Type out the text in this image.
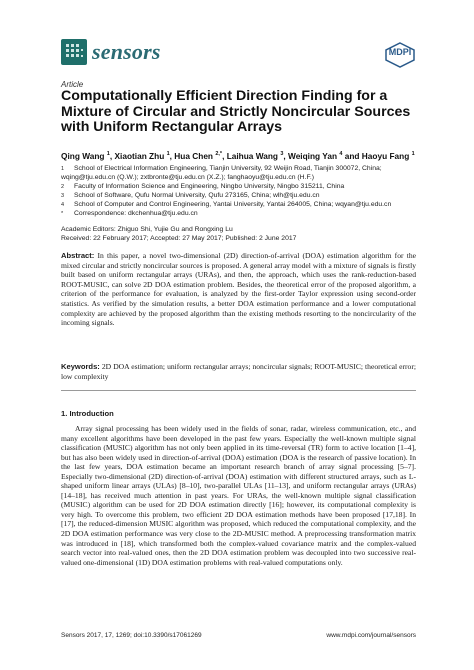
sensors	MDPI
Article
Computationally Efficient Direction Finding for a Mixture of Circular and Strictly Noncircular Sources with Uniform Rectangular Arrays
Qing Wang $^1$, Xiaotian Zhu $^1$, Hua Chen $^{2,*}$, Laihua Wang $^3$, Weiqing Yan $^4$ and Haoyu Fang $^1$
1 School of Electrical Information Engineering, Tianjin University, 92 Weijin Road, Tianjin 300072, China; wqing@tju.edu.cn (Q.W.); zxtbronte@tju.edu.cn (X.Z.); fanghaoyu@tju.edu.cn (H.F.)
2 Faculty of Information Science and Engineering, Ningbo University, Ningbo 315211, China
3 School of Software, Qufu Normal University, Qufu 273165, China; wlh@tju.edu.cn
4 School of Computer and Control Engineering, Yantai University, Yantai 264005, China; wqyan@tju.edu.cn
* Correspondence: dkchenhua@tju.edu.cn
Academic Editors: Zhiguo Shi, Yujie Gu and Rongxing Lu
Received: 22 February 2017; Accepted: 27 May 2017; Published: 2 June 2017
Abstract: In this paper, a novel two-dimensional (2D) direction-of-arrival (DOA) estimation algorithm for the mixed circular and strictly noncircular sources is proposed. A general array model with a mixture of signals is firstly built based on uniform rectangular arrays (URAs), and then, the approach, which uses the rank-reduction-based ROOT-MUSIC, can solve 2D DOA estimation problem. Besides, the theoretical error of the proposed algorithm, a criterion of the performance for evaluation, is analyzed by the first-order Taylor expression using second-order statistics. As verified by the simulation results, a better DOA estimation performance and a lower computational complexity are achieved by the proposed algorithm than the existing methods resorting to the noncircularity of the incoming signals.
Keywords: 2D DOA estimation; uniform rectangular arrays; noncircular signals; ROOT-MUSIC; theoretical error; low complexity
1. Introduction
Array signal processing has been widely used in the fields of sonar, radar, wireless communication, etc., and many excellent algorithms have been developed in the past few years. Especially the well-known multiple signal classification (MUSIC) algorithm has not only been applied in its time-reversal (TR) form to active location [1–4], but has also been widely used in direction-of-arrival (DOA) estimation (DOA is the research of passive location). In the last few years, DOA estimation became an important research branch of array signal processing [5–7]. Especially two-dimensional (2D) direction-of-arrival (DOA) estimation with different structured arrays, such as L-shaped uniform linear arrays (ULAs) [8–10], two-parallel ULAs [11–13], and uniform rectangular arrays (URAs) [14–18], has received much attention in past years. For URAs, the well-known multiple signal classification (MUSIC) algorithm can be used for 2D DOA estimation directly [16]; however, its computational complexity is very high. To overcome this problem, two efficient 2D DOA estimation methods have been proposed [17,18]. In [17], the reduced-dimension MUSIC algorithm was proposed, which reduced the computational complexity, and the 2D DOA estimation performance was very close to the 2D-MUSIC method. A preprocessing transformation matrix was introduced in [18], which transformed both the complex-valued covariance matrix and the complex-valued search vector into real-valued ones, then the 2D DOA estimation problem was decoupled into two successive real-valued one-dimensional (1D) DOA estimation problems with real-valued computations only.
Sensors 2017, 17, 1269; doi:10.3390/s17061269	www.mdpi.com/journal/sensors
